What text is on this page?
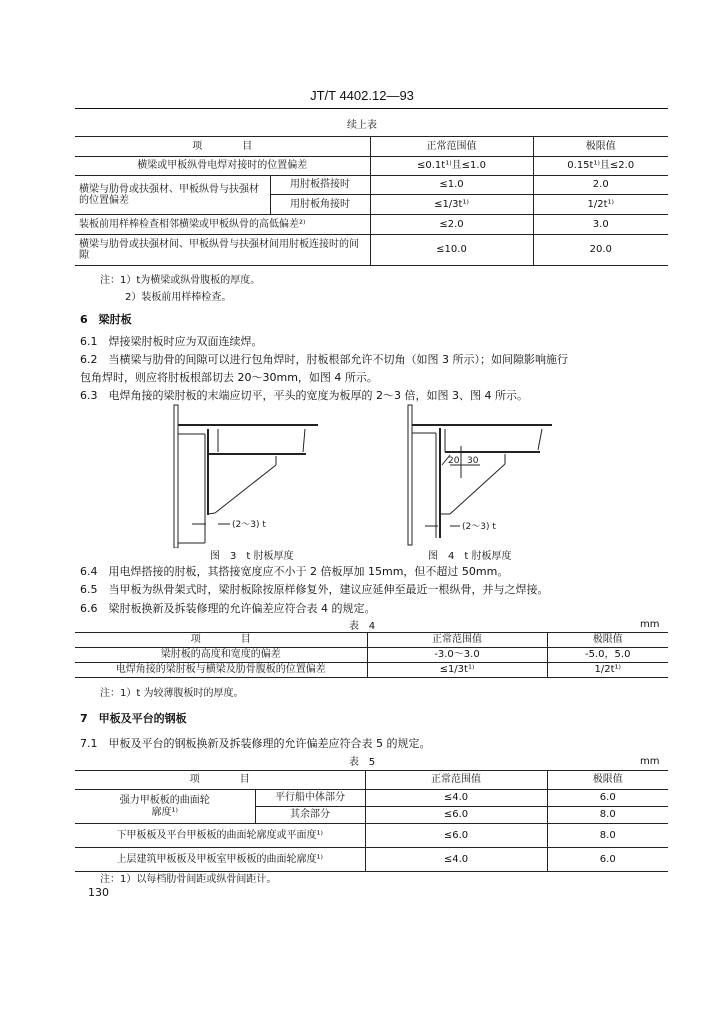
JT/T 4402.12—93
续上表
项　　　　目		正常范围值	极限值
横梁或甲板纵骨电焊对接时的位置偏差		≤0.1t¹⁾且≤1.0	0.15t¹⁾且≤2.0
横梁与肋骨或扶强材、甲板纵骨与扶强材的位置偏差	用肘板搭接时	≤1.0	2.0
	用肘板角接时	≤1/3t¹⁾	1/2t¹⁾
装板前用样棒检查相邻横梁或甲板纵骨的高低偏差²⁾		≤2.0	3.0
横梁与肋骨或扶强材间、甲板纵骨与扶强材间用肘板连接时的间隙		≤10.0	20.0
注：1）t为横梁或纵骨腹板的厚度。
2）装板前用样棒检查。
6　梁肘板
6.1　焊接梁肘板时应为双面连续焊。
6.2　当横梁与肋骨的间隙可以进行包角焊时，肘板根部允许不切角（如图 3 所示）；如间隙影响施行
包角焊时，则应将肘板根部切去 20～30mm，如图 4 所示。
6.3　电焊角接的梁肘板的末端应切平，平头的宽度为板厚的 2～3 倍，如图 3、图 4 所示。
(2～3) t
20 30
(2～3) t
图　3　t 肘板厚度	图　4　t 肘板厚度
6.4　用电焊搭接的肘板，其搭接宽度应不小于 2 倍板厚加 15mm，但不超过 50mm。
6.5　当甲板为纵骨架式时，梁肘板除按原样修复外，建议应延伸至最近一根纵骨，并与之焊接。
6.6　梁肘板换新及拆装修理的允许偏差应符合表 4 的规定。
表　4	mm
项　　　　目	正常范围值	极限值
梁肘板的高度和宽度的偏差	-3.0～3.0	-5.0，5.0
电焊角接的梁肘板与横梁及肋骨腹板的位置偏差	≤1/3t¹⁾	1/2t¹⁾
注：1）t 为较薄腹板时的厚度。
7　甲板及平台的钢板
7.1　甲板及平台的钢板换新及拆装修理的允许偏差应符合表 5 的规定。
表　5	mm
项　　　　目		正常范围值	极限值
强力甲板板的曲面轮廓度¹⁾	平行船中体部分	≤4.0	6.0
	其余部分	≤6.0	8.0
下甲板板及平台甲板板的曲面轮廓度或平面度¹⁾		≤6.0	8.0
上层建筑甲板板及甲板室甲板板的曲面轮廓度¹⁾		≤4.0	6.0
注：1）以每档肋骨间距或纵骨间距计。
130
